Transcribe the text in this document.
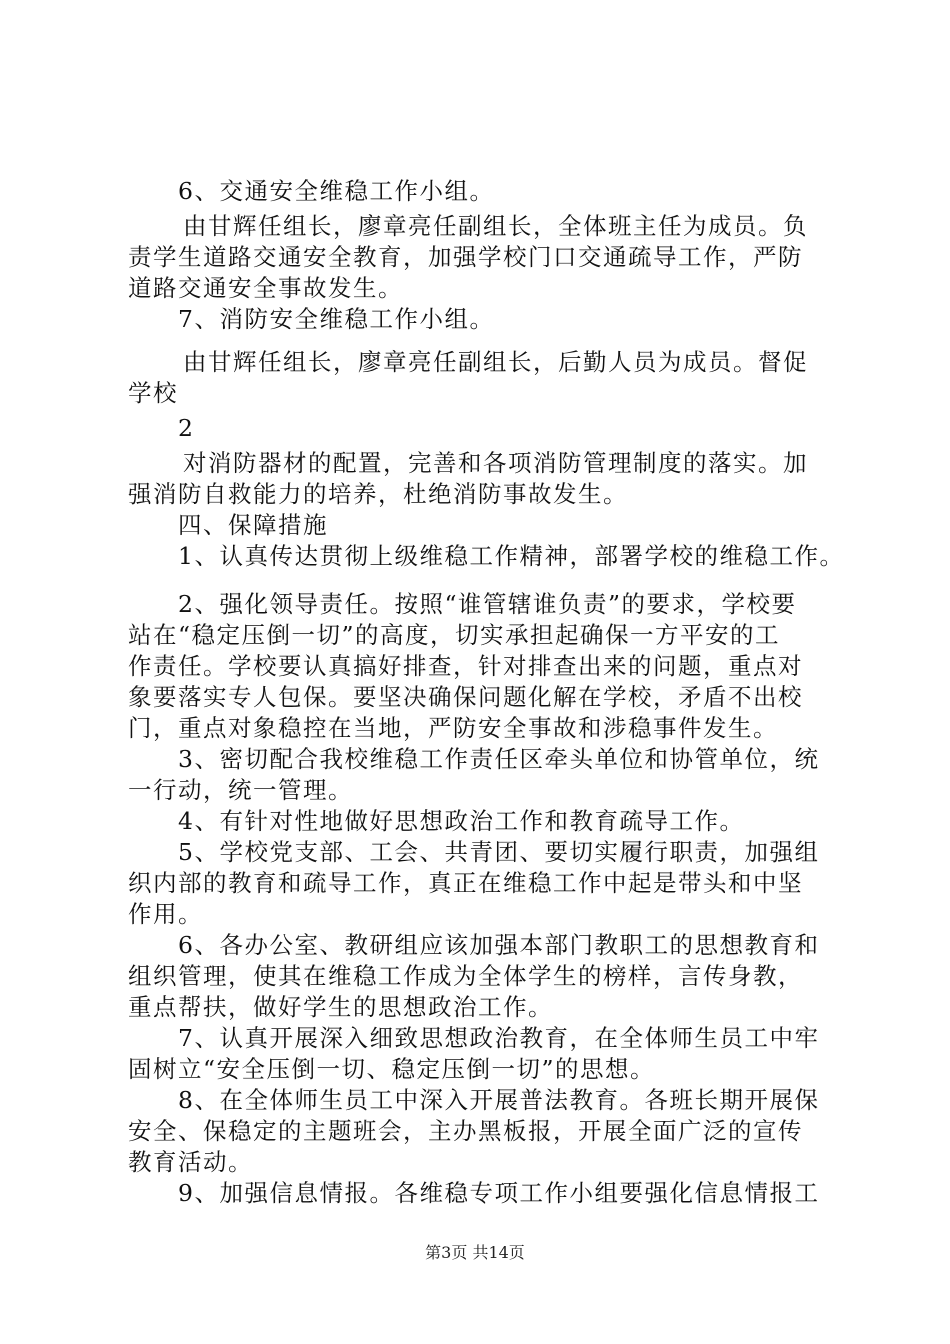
6、交通安全维稳工作小组。
由甘辉任组长，廖章亮任副组长，全体班主任为成员。负
责学生道路交通安全教育，加强学校门口交通疏导工作，严防
道路交通安全事故发生。
7、消防安全维稳工作小组。
由甘辉任组长，廖章亮任副组长，后勤人员为成员。督促
学校
2
对消防器材的配置，完善和各项消防管理制度的落实。加
强消防自救能力的培养，杜绝消防事故发生。
四、保障措施
1、认真传达贯彻上级维稳工作精神，部署学校的维稳工作。
2、强化领导责任。按照“谁管辖谁负责”的要求，学校要
站在“稳定压倒一切”的高度，切实承担起确保一方平安的工
作责任。学校要认真搞好排查，针对排查出来的问题，重点对
象要落实专人包保。要坚决确保问题化解在学校，矛盾不出校
门，重点对象稳控在当地，严防安全事故和涉稳事件发生。
3、密切配合我校维稳工作责任区牵头单位和协管单位，统
一行动，统一管理。
4、有针对性地做好思想政治工作和教育疏导工作。
5、学校党支部、工会、共青团、要切实履行职责，加强组
织内部的教育和疏导工作，真正在维稳工作中起是带头和中坚
作用。
6、各办公室、教研组应该加强本部门教职工的思想教育和
组织管理，使其在维稳工作成为全体学生的榜样，言传身教，
重点帮扶，做好学生的思想政治工作。
7、认真开展深入细致思想政治教育，在全体师生员工中牢
固树立“安全压倒一切、稳定压倒一切”的思想。
8、在全体师生员工中深入开展普法教育。各班长期开展保
安全、保稳定的主题班会，主办黑板报，开展全面广泛的宣传
教育活动。
9、加强信息情报。各维稳专项工作小组要强化信息情报工
第3页 共14页
